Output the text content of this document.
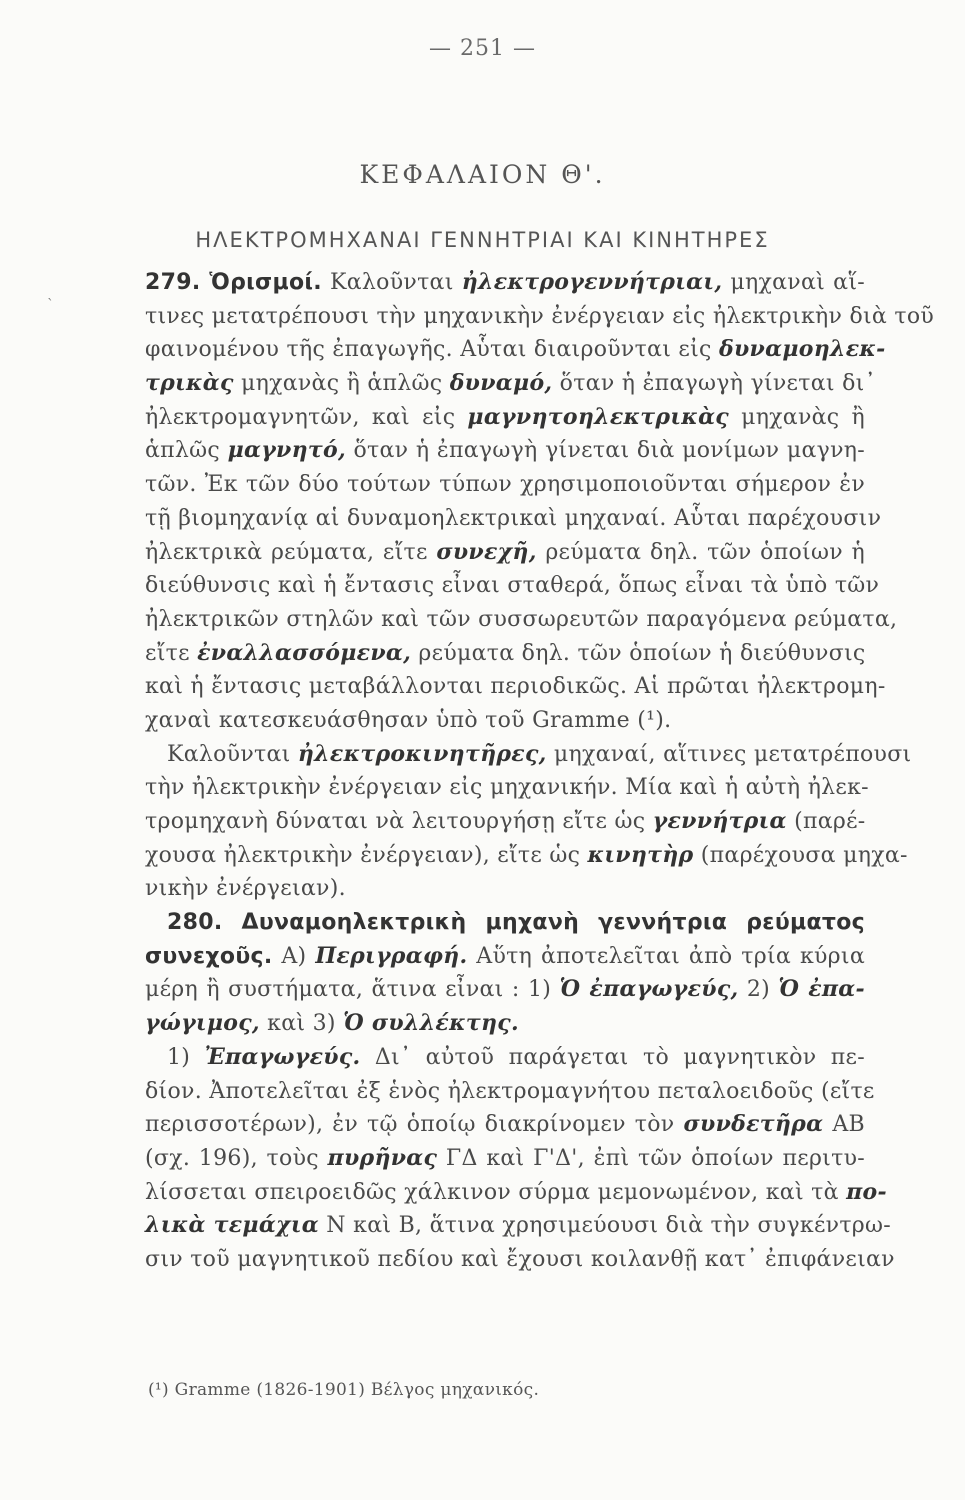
— 251 —
`
ΚΕΦΑΛΑΙΟΝ Θ'.
ΗΛΕΚΤΡΟΜΗΧΑΝΑΙ ΓΕΝΝΗΤΡΙΑΙ ΚΑΙ ΚΙΝΗΤΗΡΕΣ
279. Ὁρισμοί. Καλοῦνται ἠλεκτρογεννήτριαι, μηχαναὶ αἵ-
τινες μετατρέπουσι τὴν μηχανικὴν ἐνέργειαν εἰς ἠλεκτρικὴν διὰ τοῦ
φαινομένου τῆς ἐπαγωγῆς. Αὗται διαιροῦνται εἰς δυναμοηλεκ-
τρικὰς μηχανὰς ἢ ἁπλῶς δυναμό, ὅταν ἡ ἐπαγωγὴ γίνεται δι᾿
ἠλεκτρομαγνητῶν, καὶ εἰς μαγνητοηλεκτρικὰς μηχανὰς ἢ
ἁπλῶς μαγνητό, ὅταν ἡ ἐπαγωγὴ γίνεται διὰ μονίμων μαγνη-
τῶν. Ἐκ τῶν δύο τούτων τύπων χρησιμοποιοῦνται σήμερον ἐν
τῇ βιομηχανίᾳ αἱ δυναμοηλεκτρικαὶ μηχαναί. Αὗται παρέχουσιν
ἠλεκτρικὰ ρεύματα, εἴτε συνεχῆ, ρεύματα δηλ. τῶν ὁποίων ἡ
διεύθυνσις καὶ ἡ ἔντασις εἶναι σταθερά, ὅπως εἶναι τὰ ὑπὸ τῶν
ἠλεκτρικῶν στηλῶν καὶ τῶν συσσωρευτῶν παραγόμενα ρεύματα,
εἴτε ἐναλλασσόμενα, ρεύματα δηλ. τῶν ὁποίων ἡ διεύθυνσις
καὶ ἡ ἔντασις μεταβάλλονται περιοδικῶς. Αἱ πρῶται ἠλεκτρομη-
χαναὶ κατεσκευάσθησαν ὑπὸ τοῦ Gramme (¹).
Καλοῦνται ἠλεκτροκινητῆρες, μηχαναί, αἵτινες μετατρέπουσι
τὴν ἠλεκτρικὴν ἐνέργειαν εἰς μηχανικήν. Μία καὶ ἡ αὐτὴ ἠλεκ-
τρομηχανὴ δύναται νὰ λειτουργήσῃ εἴτε ὡς γεννήτρια (παρέ-
χουσα ἠλεκτρικὴν ἐνέργειαν), εἴτε ὡς κινητὴρ (παρέχουσα μηχα-
νικὴν ἐνέργειαν).
280. Δυναμοηλεκτρικὴ μηχανὴ γεννήτρια ρεύματος
συνεχοῦς. Α) Περιγραφή. Αὕτη ἀποτελεῖται ἀπὸ τρία κύρια
μέρη ἢ συστήματα, ἅτινα εἶναι : 1) Ὁ ἐπαγωγεύς, 2) Ὁ ἐπα-
γώγιμος, καὶ 3) Ὁ συλλέκτης.
1) Ἐπαγωγεύς. Δι᾿ αὐτοῦ παράγεται τὸ μαγνητικὸν πε-
δίον. Ἀποτελεῖται ἐξ ἑνὸς ἠλεκτρομαγνήτου πεταλοειδοῦς (εἴτε
περισσοτέρων), ἐν τῷ ὁποίῳ διακρίνομεν τὸν συνδετῆρα ΑΒ
(σχ. 196), τοὺς πυρῆνας ΓΔ καὶ Γ'Δ', ἐπὶ τῶν ὁποίων περιτυ-
λίσσεται σπειροειδῶς χάλκινον σύρμα μεμονωμένον, καὶ τὰ πο-
λικὰ τεμάχια Ν καὶ Β, ἅτινα χρησιμεύουσι διὰ τὴν συγκέντρω-
σιν τοῦ μαγνητικοῦ πεδίου καὶ ἔχουσι κοιλανθῇ κατ᾿ ἐπιφάνειαν
(¹) Gramme (1826-1901) Βέλγος μηχανικός.
